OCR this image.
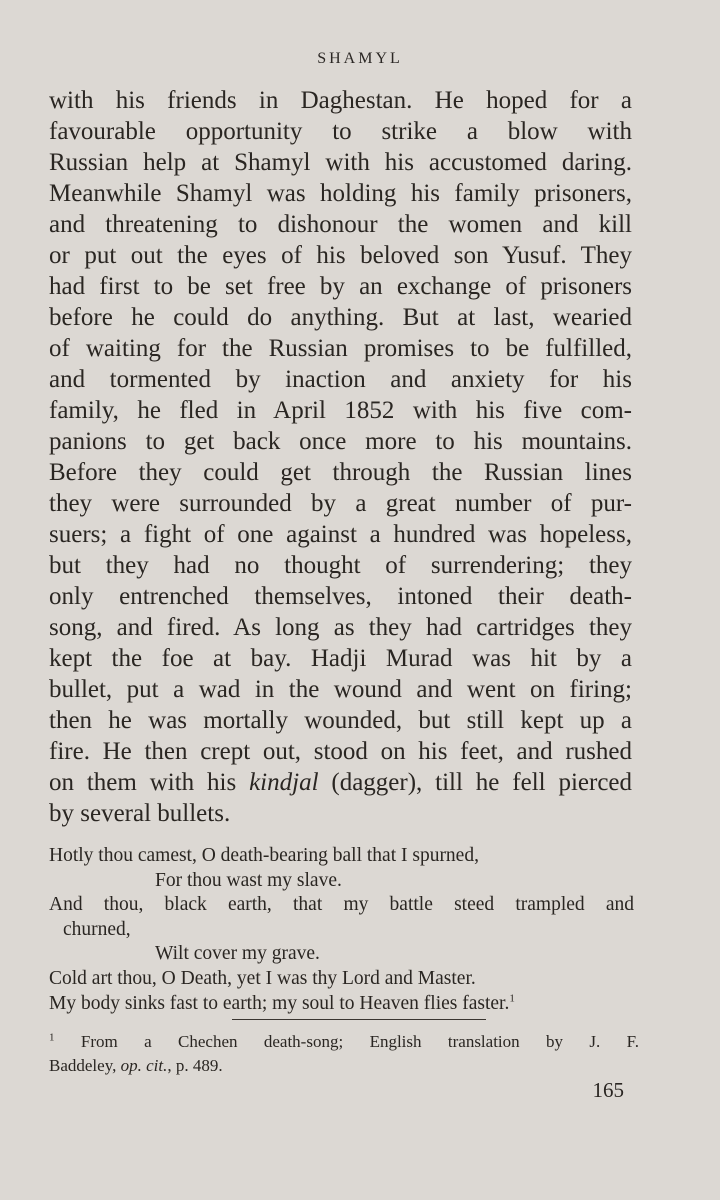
SHAMYL
with his friends in Daghestan. He hoped for a
favourable opportunity to strike a blow with
Russian help at Shamyl with his accustomed daring.
Meanwhile Shamyl was holding his family prisoners,
and threatening to dishonour the women and kill
or put out the eyes of his beloved son Yusuf. They
had first to be set free by an exchange of prisoners
before he could do anything. But at last, wearied
of waiting for the Russian promises to be fulfilled,
and tormented by inaction and anxiety for his
family, he fled in April 1852 with his five com-
panions to get back once more to his mountains.
Before they could get through the Russian lines
they were surrounded by a great number of pur-
suers; a fight of one against a hundred was hopeless,
but they had no thought of surrendering; they
only entrenched themselves, intoned their death-
song, and fired. As long as they had cartridges they
kept the foe at bay. Hadji Murad was hit by a
bullet, put a wad in the wound and went on firing;
then he was mortally wounded, but still kept up a
fire. He then crept out, stood on his feet, and rushed
on them with his kindjal (dagger), till he fell pierced
by several bullets.
Hotly thou camest, O death-bearing ball that I spurned,
For thou wast my slave.
And thou, black earth, that my battle steed trampled and
churned,
Wilt cover my grave.
Cold art thou, O Death, yet I was thy Lord and Master.
My body sinks fast to earth; my soul to Heaven flies faster.$^1$
$^1$ From a Chechen death-song; English translation by J. F.
Baddeley, op. cit., p. 489.
165
